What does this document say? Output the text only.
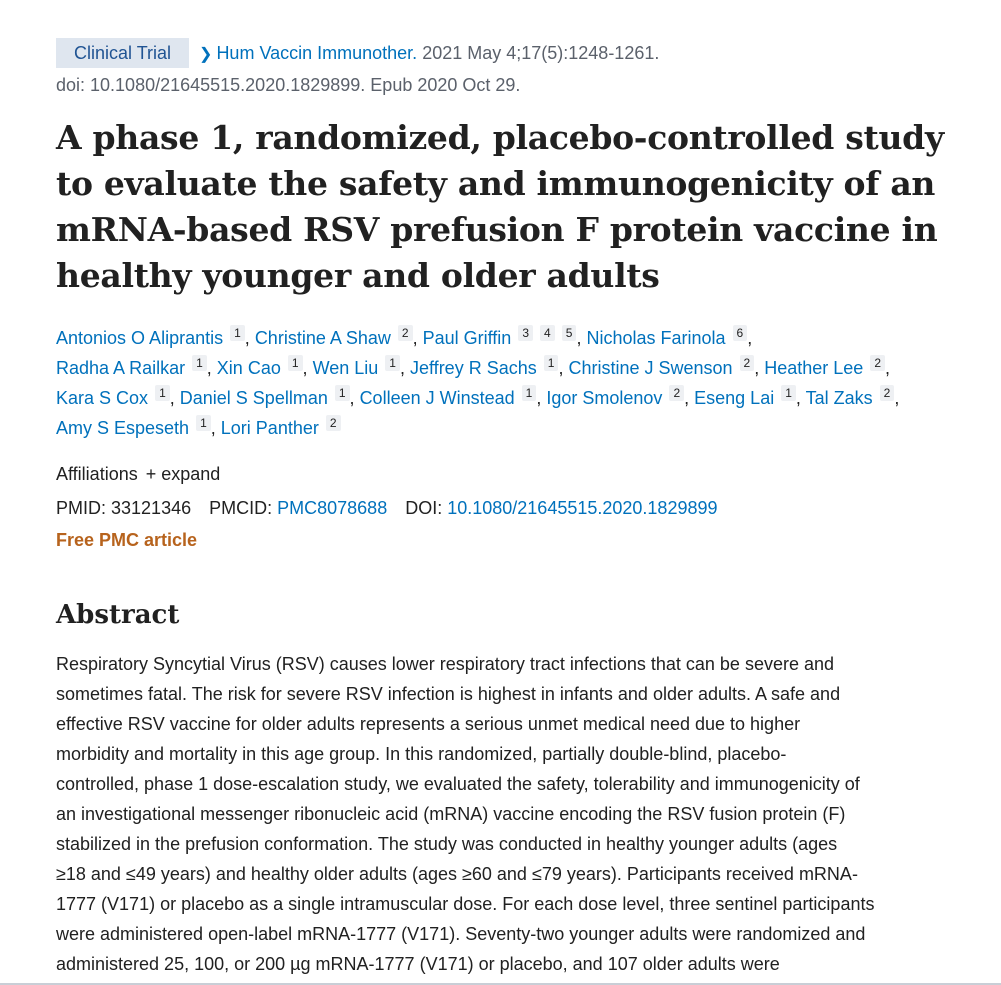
Clinical Trial ❯ Hum Vaccin Immunother. 2021 May 4;17(5):1248-1261.
doi: 10.1080/21645515.2020.1829899. Epub 2020 Oct 29.
A phase 1, randomized, placebo-controlled study to evaluate the safety and immunogenicity of an mRNA-based RSV prefusion F protein vaccine in healthy younger and older adults
Antonios O Aliprantis 1 , Christine A Shaw 2 , Paul Griffin 3 4 5 , Nicholas Farinola 6 ,
Radha A Railkar 1 , Xin Cao 1 , Wen Liu 1 , Jeffrey R Sachs 1 , Christine J Swenson 2 , Heather Lee 2 ,
Kara S Cox 1 , Daniel S Spellman 1 , Colleen J Winstead 1 , Igor Smolenov 2 , Eseng Lai 1 , Tal Zaks 2 ,
Amy S Espeseth 1 , Lori Panther 2
Affiliations + expand
PMID: 33121346 PMCID: PMC8078688 DOI: 10.1080/21645515.2020.1829899
Free PMC article
Abstract
Respiratory Syncytial Virus (RSV) causes lower respiratory tract infections that can be severe and
sometimes fatal. The risk for severe RSV infection is highest in infants and older adults. A safe and
effective RSV vaccine for older adults represents a serious unmet medical need due to higher
morbidity and mortality in this age group. In this randomized, partially double-blind, placebo-
controlled, phase 1 dose-escalation study, we evaluated the safety, tolerability and immunogenicity of
an investigational messenger ribonucleic acid (mRNA) vaccine encoding the RSV fusion protein (F)
stabilized in the prefusion conformation. The study was conducted in healthy younger adults (ages
≥18 and ≤49 years) and healthy older adults (ages ≥60 and ≤79 years). Participants received mRNA-
1777 (V171) or placebo as a single intramuscular dose. For each dose level, three sentinel participants
were administered open-label mRNA-1777 (V171). Seventy-two younger adults were randomized and
administered 25, 100, or 200 µg mRNA-1777 (V171) or placebo, and 107 older adults were
